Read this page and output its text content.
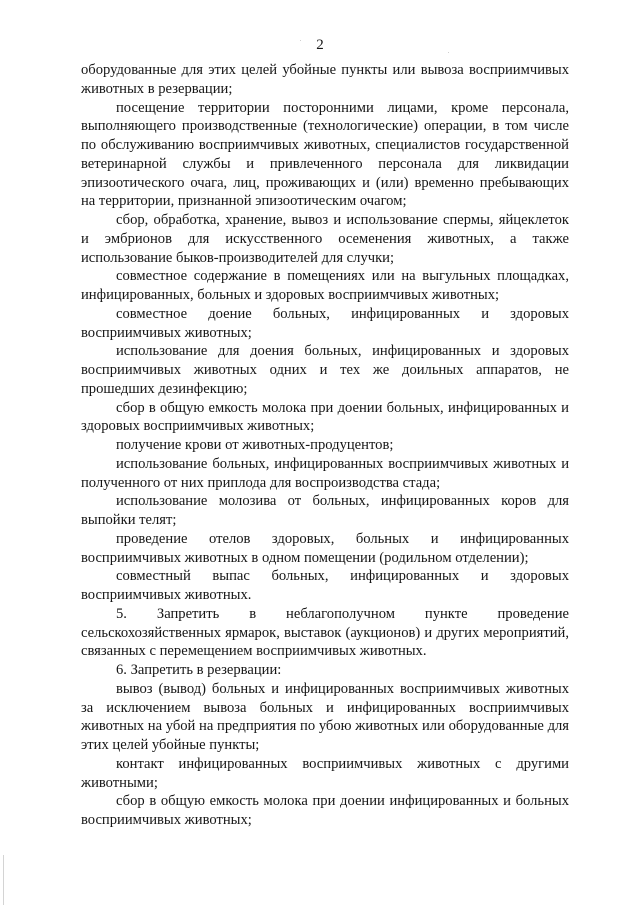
2

оборудованные для этих целей убойные пункты или вывоза восприимчивых животных в резервации;

посещение территории посторонними лицами, кроме персонала, выполняющего производственные (технологические) операции, в том числе по обслуживанию восприимчивых животных, специалистов государственной ветеринарной службы и привлеченного персонала для ликвидации эпизоотического очага, лиц, проживающих и (или) временно пребывающих на территории, признанной эпизоотическим очагом;

сбор, обработка, хранение, вывоз и использование спермы, яйцеклеток и эмбрионов для искусственного осеменения животных, а также использование быков-производителей для случки;

совместное содержание в помещениях или на выгульных площадках, инфицированных, больных и здоровых восприимчивых животных;

совместное доение больных, инфицированных и здоровых восприимчивых животных;

использование для доения больных, инфицированных и здоровых восприимчивых животных одних и тех же доильных аппаратов, не прошедших дезинфекцию;

сбор в общую емкость молока при доении больных, инфицированных и здоровых восприимчивых животных;

получение крови от животных-продуцентов;

использование больных, инфицированных восприимчивых животных и полученного от них приплода для воспроизводства стада;

использование молозива от больных, инфицированных коров для выпойки телят;

проведение отелов здоровых, больных и инфицированных восприимчивых животных в одном помещении (родильном отделении);

совместный выпас больных, инфицированных и здоровых восприимчивых животных.

5. Запретить в неблагополучном пункте проведение сельскохозяйственных ярмарок, выставок (аукционов) и других мероприятий, связанных с перемещением восприимчивых животных.

6. Запретить в резервации:

вывоз (вывод) больных и инфицированных восприимчивых животных за исключением вывоза больных и инфицированных восприимчивых животных на убой на предприятия по убою животных или оборудованные для этих целей убойные пункты;

контакт инфицированных восприимчивых животных с другими животными;

сбор в общую емкость молока при доении инфицированных и больных восприимчивых животных;
